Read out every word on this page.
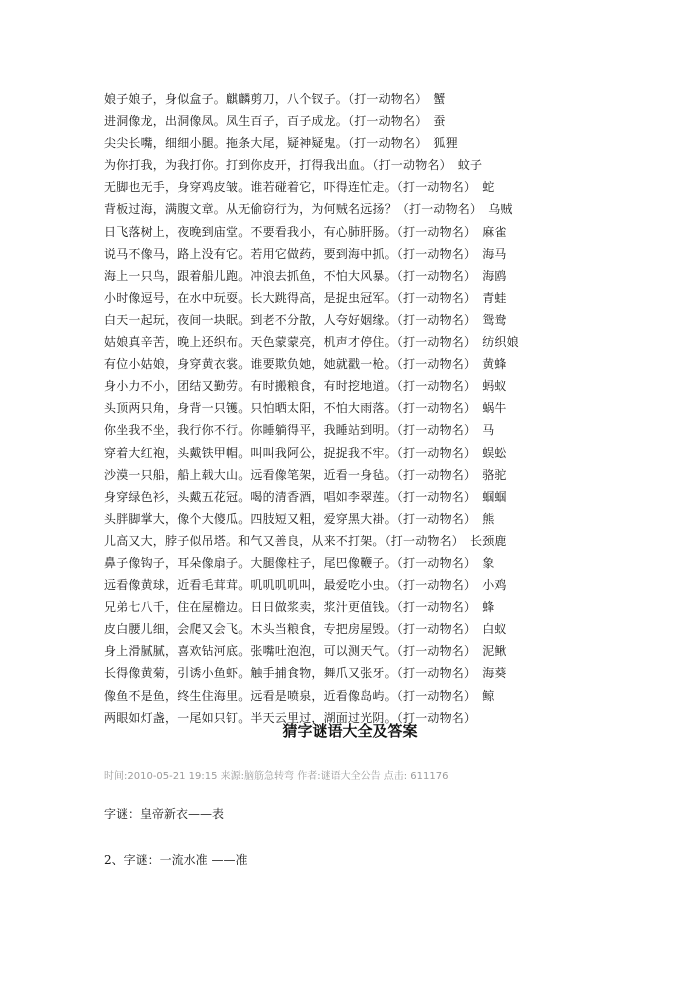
娘子娘子，身似盒子。麒麟剪刀，八个钗子。（打一动物名） 蟹
进洞像龙，出洞像凤。凤生百子，百子成龙。（打一动物名） 蚕
尖尖长嘴，细细小腿。拖条大尾，疑神疑鬼。（打一动物名） 狐狸
为你打我，为我打你。打到你皮开，打得我出血。（打一动物名） 蚊子
无脚也无手，身穿鸡皮皱。谁若碰着它，吓得连忙走。（打一动物名） 蛇
背板过海，满腹文章。从无偷窃行为，为何贼名远扬？（打一动物名） 乌贼
日飞落树上，夜晚到庙堂。不要看我小，有心肺肝肠。（打一动物名） 麻雀
说马不像马，路上没有它。若用它做药，要到海中抓。（打一动物名） 海马
海上一只鸟，跟着船儿跑。冲浪去抓鱼，不怕大风暴。（打一动物名） 海鸥
小时像逗号，在水中玩耍。长大跳得高，是捉虫冠军。（打一动物名） 青蛙
白天一起玩，夜间一块眠。到老不分散，人夸好姻缘。（打一动物名） 鸳鸯
姑娘真辛苦，晚上还织布。天色蒙蒙亮，机声才停住。（打一动物名） 纺织娘
有位小姑娘，身穿黄衣裳。谁要欺负她，她就戳一枪。（打一动物名） 黄蜂
身小力不小，团结又勤劳。有时搬粮食，有时挖地道。（打一动物名） 蚂蚁
头顶两只角，身背一只镬。只怕晒太阳，不怕大雨落。（打一动物名） 蜗牛
你坐我不坐，我行你不行。你睡躺得平，我睡站到明。（打一动物名） 马
穿着大红袍，头戴铁甲帽。叫叫我阿公，捉捉我不牢。（打一动物名） 蜈蚣
沙漠一只船，船上载大山。远看像笔架，近看一身毡。（打一动物名） 骆驼
身穿绿色衫，头戴五花冠。喝的清香酒，唱如李翠莲。（打一动物名） 蝈蝈
头胖脚掌大，像个大傻瓜。四肢短又粗，爱穿黑大褂。（打一动物名） 熊
儿高又大，脖子似吊塔。和气又善良，从来不打架。（打一动物名） 长颈鹿
鼻子像钩子，耳朵像扇子。大腿像柱子，尾巴像鞭子。（打一动物名） 象
远看像黄球，近看毛茸茸。叽叽叽叽叫，最爱吃小虫。（打一动物名） 小鸡
兄弟七八千，住在屋檐边。日日做浆卖，浆汁更值钱。（打一动物名） 蜂
皮白腰儿细，会爬又会飞。木头当粮食，专把房屋毁。（打一动物名） 白蚁
身上滑腻腻，喜欢钻河底。张嘴吐泡泡，可以测天气。（打一动物名） 泥鳅
长得像黄菊，引诱小鱼虾。触手捕食物，舞爪又张牙。（打一动物名） 海葵
像鱼不是鱼，终生住海里。远看是喷泉，近看像岛屿。（打一动物名） 鲸
两眼如灯盏，一尾如只钉。半天云里过，湖面过光阴。（打一动物名）
猜字谜语大全及答案
时间:2010-05-21 19:15 来源:脑筋急转弯 作者:谜语大全公告 点击: 611176
字谜：皇帝新衣——表
2、字谜：一流水准 ——准
